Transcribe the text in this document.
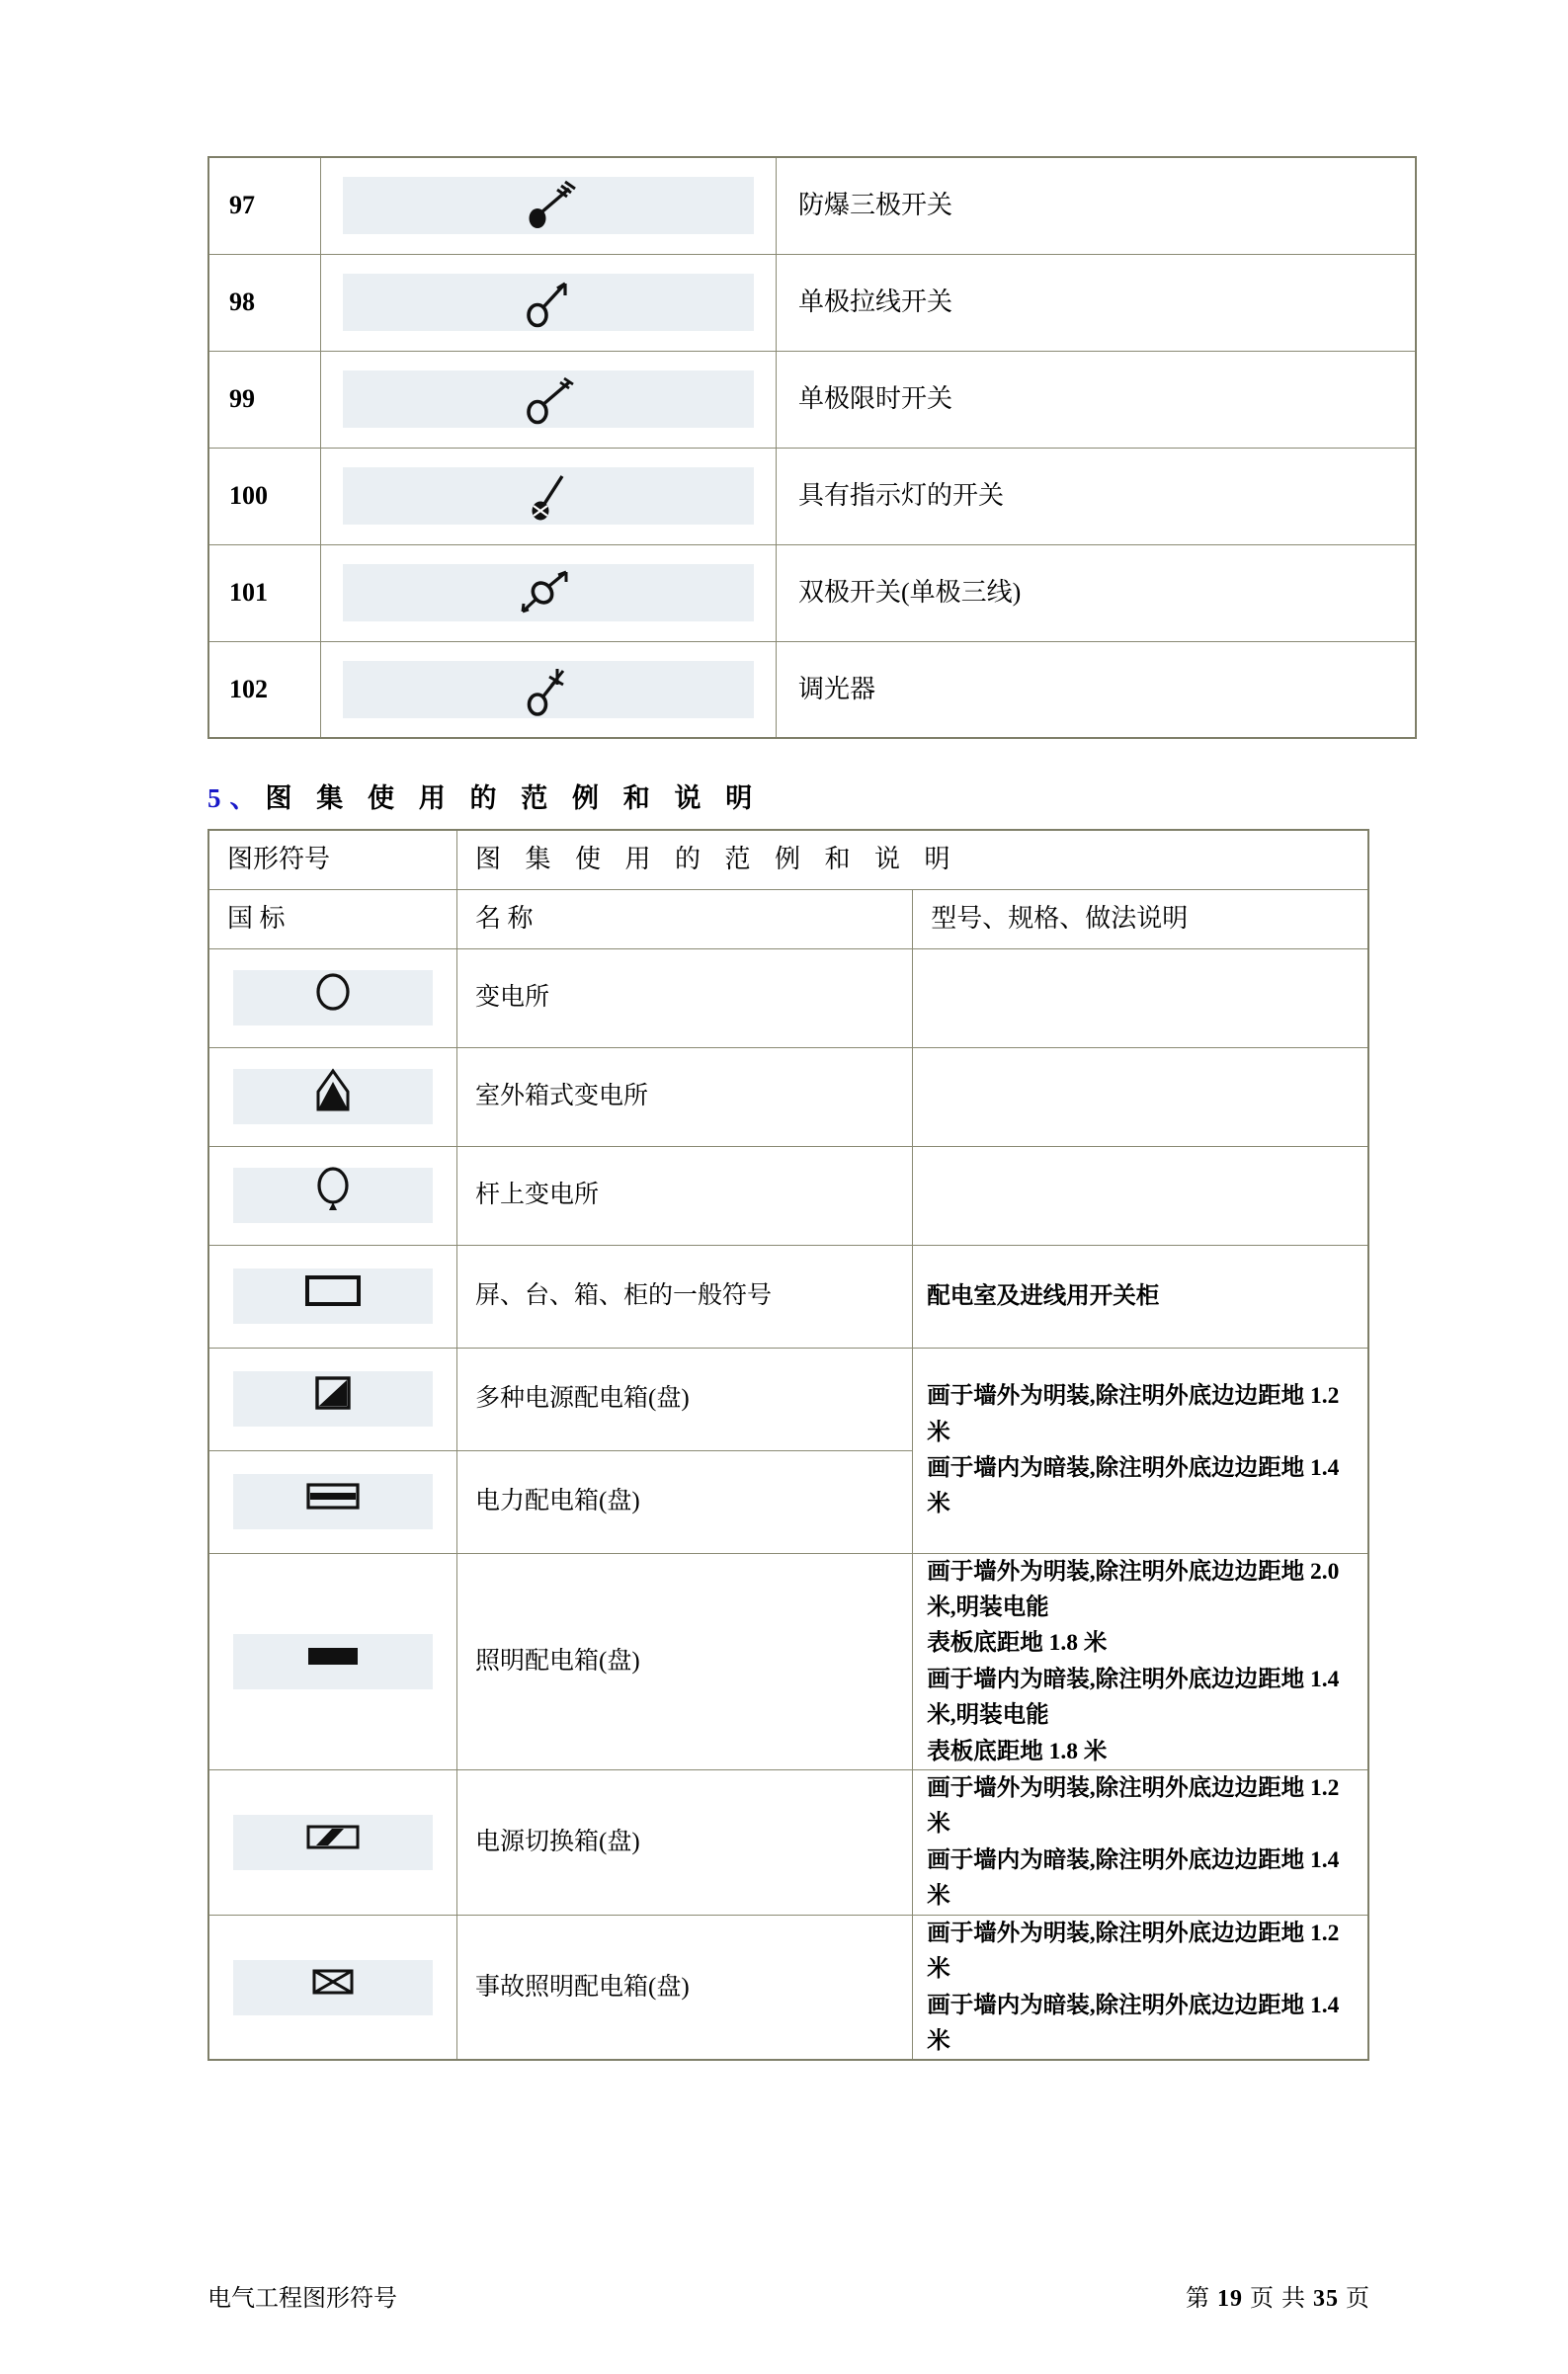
97		防爆三极开关
98		单极拉线开关
99		单极限时开关
100		具有指示灯的开关
101		双极开关(单极三线)
102		调光器
5、图 集 使 用 的 范 例 和 说 明
图形符号	图 集 使 用 的 范 例 和 说 明	
国 标	名 称	型号、规格、做法说明

	变电所	

	室外箱式变电所	

	杆上变电所	

	屏、台、箱、柜的一般符号	配电室及进线用开关柜

	多种电源配电箱(盘)	画于墙外为明装,除注明外底边边距地 1.2 米
画于墙内为暗装,除注明外底边边距地 1.4 米

	电力配电箱(盘)	

	照明配电箱(盘)	画于墙外为明装,除注明外底边边距地 2.0 米,明装电能
表板底距地 1.8 米
画于墙内为暗装,除注明外底边边距地 1.4 米,明装电能
表板底距地 1.8 米

	电源切换箱(盘)	画于墙外为明装,除注明外底边边距地 1.2 米
画于墙内为暗装,除注明外底边边距地 1.4 米

	事故照明配电箱(盘)	画于墙外为明装,除注明外底边边距地 1.2 米
画于墙内为暗装,除注明外底边边距地 1.4 米
电气工程图形符号	第 19 页 共 35 页
